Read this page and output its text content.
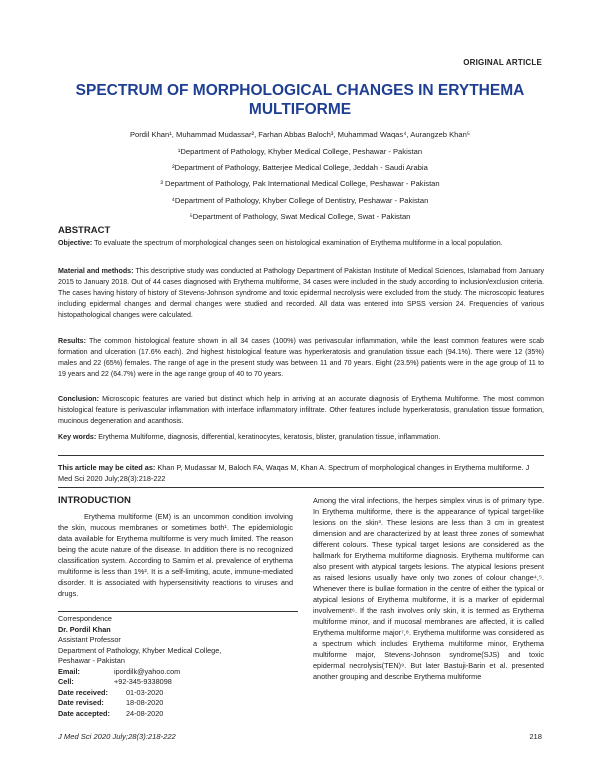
ORIGINAL ARTICLE
SPECTRUM OF MORPHOLOGICAL CHANGES IN ERYTHEMA
MULTIFORME
Pordil Khan¹, Muhammad Mudassar², Farhan Abbas Baloch³, Muhammad Waqas⁴, Aurangzeb Khan⁵
¹Department of Pathology, Khyber Medical College, Peshawar - Pakistan
²Department of Pathology, Batterjee Medical College, Jeddah - Saudi Arabia
³ Department of Pathology, Pak International Medical College, Peshawar - Pakistan
⁴Department of Pathology, Khyber College of Dentistry, Peshawar - Pakistan
⁵Department of Pathology, Swat Medical College, Swat - Pakistan
ABSTRACT
Objective: To evaluate the spectrum of morphological changes seen on histological examination of Erythema multiforme in a local population.
Material and methods: This descriptive study was conducted at Pathology Department of Pakistan Institute of Medical Sciences, Islamabad from January 2015 to January 2018. Out of 44 cases diagnosed with Erythema multiforme, 34 cases were included in the study according to inclusion/exclusion criteria. The cases having history of history of Stevens-Johnson syndrome and toxic epidermal necrolysis were excluded from the study. The microscopic features including epidermal changes and dermal changes were studied and recorded. All data was entered into SPSS version 24. Frequencies of various histopathological changes were calculated.
Results: The common histological feature shown in all 34 cases (100%) was perivascular inflammation, while the least common features were scab formation and ulceration (17.6% each). 2nd highest histological feature was hyperkeratosis and granulation tissue each (94.1%). There were 12 (35%) males and 22 (65%) females. The range of age in the present study was between 11 and 70 years. Eight (23.5%) patients were in the age group of 11 to 19 years and 22 (64.7%) were in the age range group of 40 to 70 years.
Conclusion: Microscopic features are varied but distinct which help in arriving at an accurate diagnosis of Erythema Multiforme. The most common histological feature is perivascular inflammation with interface inflammatory infiltrate. Other features include hyperkeratosis, granulation tissue formation, mucinous degeneration and acanthosis.
Key words: Erythema Multiforme, diagnosis, differential, keratinocytes, keratosis, blister, granulation tissue, inflammation.
This article may be cited as: Khan P, Mudassar M, Baloch FA, Waqas M, Khan A. Spectrum of morphological changes in Erythema multiforme. J Med Sci 2020 July;28(3):218-222
INTRODUCTION
Erythema multiforme (EM) is an uncommon condition involving the skin, mucous membranes or sometimes both¹. The epidemiologic data available for Erythema multiforme is very much limited. The reason being the acute nature of the disease. In addition there is no recognized classification system. According to Samim et al. prevalence of erythema multiforme is less than 1%². It is a self-limiting, acute, immune-mediated disorder. It is associated with hypersensitivity reactions to viruses and drugs.
Correspondence
Dr. Pordil Khan
Assistant Professor
Department of Pathology, Khyber Medical College,
Peshawar - Pakistan
Email:	ipordilk@yahoo.com
Cell:	+92-345-9338098
Date received: 01-03-2020
Date revised:	18-08-2020
Date accepted: 24-08-2020
Among the viral infections, the herpes simplex virus is of primary type. In Erythema multiforme, there is the appearance of typical target-like lesions on the skin³. These lesions are less than 3 cm in greatest dimension and are characterized by at least three zones of somewhat different colours. These typical target lesions are considered as the hallmark for Erythema multiforme diagnosis. Erythema multiforme can also present with atypical targets lesions. The atypical lesions present as raised lesions usually have only two zones of colour change⁴,⁵. Whenever there is bullae formation in the centre of either the typical or atypical lesions of Erythema multiforme, it is a marker of epidermal involvement⁶. If the rash involves only skin, it is termed as Erythema multiforme minor, and if mucosal membranes are affected, it is called Erythema multiforme major⁷,⁸. Erythema multiforme was considered as a spectrum which includes Erythema multiforme minor, Erythema multiforme major, Stevens-Johnson syndrome(SJS) and toxic epidermal necrolysis(TEN)⁹. But later Bastuji-Barin et al. presented another grouping and describe Erythema multiforme
J Med Sci 2020 July;28(3):218-222	218
